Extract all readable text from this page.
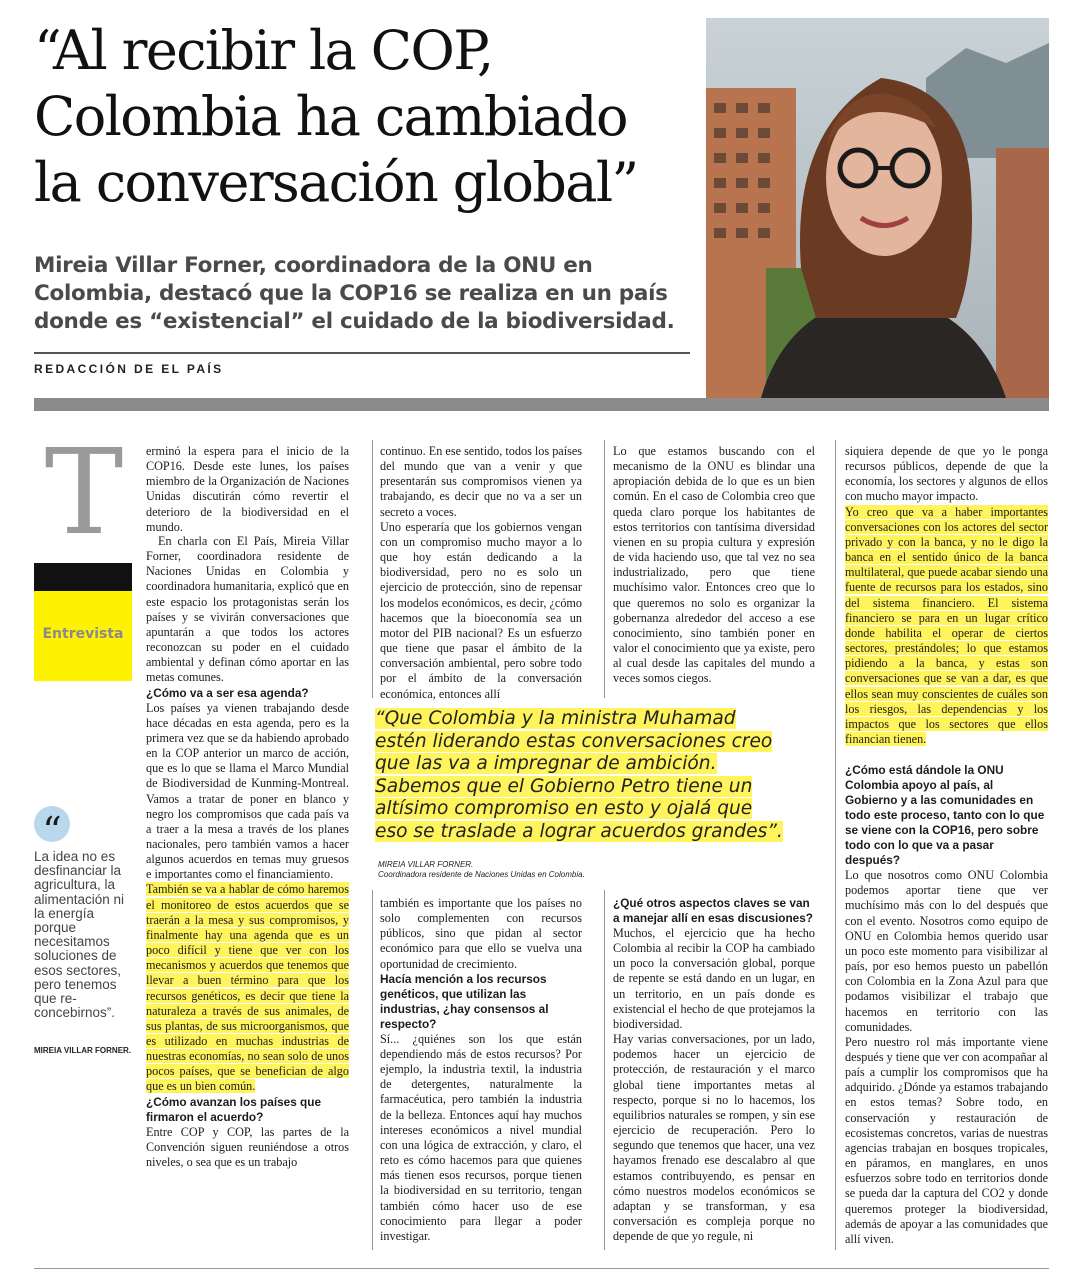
“Al recibir la COP,
Colombia ha cambiado
la conversación global”
Mireia Villar Forner, coordinadora de la ONU en
Colombia, destacó que la COP16 se realiza en un país
donde es “existencial” el cuidado de la biodiversidad.
REDACCIÓN DE EL PAÍS
T
Entrevista
“
La idea no es desfinanciar la agricultura, la alimentación ni la energía porque necesitamos soluciones de esos sectores, pero tenemos que re-concebirnos”.
MIREIA VILLAR FORNER.

erminó la espera para el inicio de la COP16. Desde este lunes, los países miembro de la Organización de Naciones Unidas discutirán cómo revertir el deterioro de la biodiversidad en el mundo.

En charla con El País, Mireia Villar Forner, coordinadora residente de Naciones Unidas en Colombia y coordinadora humanitaria, explicó que en este espacio los protagonistas serán los países y se vivirán conversaciones que apuntarán a que todos los actores reconozcan su poder en el cuidado ambiental y definan cómo aportar en las metas comunes.

¿Cómo va a ser esa agenda?

Los países ya vienen trabajando desde hace décadas en esta agenda, pero es la primera vez que se da habiendo aprobado en la COP anterior un marco de acción, que es lo que se llama el Marco Mundial de Biodiversidad de Kunming-Montreal. Vamos a tratar de poner en blanco y negro los compromisos que cada país va a traer a la mesa a través de los planes nacionales, pero también vamos a hacer algunos acuerdos en temas muy gruesos e importantes como el financiamiento.

También se va a hablar de cómo haremos el monitoreo de estos acuerdos que se traerán a la mesa y sus compromisos, y finalmente hay una agenda que es un poco difícil y tiene que ver con los mecanismos y acuerdos que tenemos que llevar a buen término para que los recursos genéticos, es decir que tiene la naturaleza a través de sus animales, de sus plantas, de sus microorganismos, que es utilizado en muchas industrias de nuestras economías, no sean solo de unos pocos países, que se benefician de algo que es un bien común.

¿Cómo avanzan los países que firmaron el acuerdo?

Entre COP y COP, las partes de la Convención siguen reuniéndose a otros niveles, o sea que es un trabajo

continuo. En ese sentido, todos los países del mundo que van a venir y que presentarán sus compromisos vienen ya trabajando, es decir que no va a ser un secreto a voces.

Uno esperaría que los gobiernos vengan con un compromiso mucho mayor a lo que hoy están dedicando a la biodiversidad, pero no es solo un ejercicio de protección, sino de repensar los modelos económicos, es decir, ¿cómo hacemos que la bioeconomía sea un motor del PIB nacional? Es un esfuerzo que tiene que pasar el ámbito de la conversación ambiental, pero sobre todo por el ámbito de la conversación económica, entonces allí

Lo que estamos buscando con el mecanismo de la ONU es blindar una apropiación debida de lo que es un bien común. En el caso de Colombia creo que queda claro porque los habitantes de estos territorios con tantísima diversidad vienen en su propia cultura y expresión de vida haciendo uso, que tal vez no sea industrializado, pero que tiene muchísimo valor. Entonces creo que lo que queremos no solo es organizar la gobernanza alrededor del acceso a ese conocimiento, sino también poner en valor el conocimiento que ya existe, pero al cual desde las capitales del mundo a veces somos ciegos.

“Que Colombia y la ministra Muhamad
estén liderando estas conversaciones creo
que las va a impregnar de ambición.
Sabemos que el Gobierno Petro tiene un
altísimo compromiso en esto y ojalá que
eso se traslade a lograr acuerdos grandes”.
MIREIA VILLAR FORNER.
Coordinadora residente de Naciones Unidas en Colombia.

también es importante que los países no solo complementen con recursos públicos, sino que pidan al sector económico para que ello se vuelva una oportunidad de crecimiento.

Hacía mención a los recursos genéticos, que utilizan las industrias, ¿hay consensos al respecto?

Sí... ¿quiénes son los que están dependiendo más de estos recursos? Por ejemplo, la industria textil, la industria de detergentes, naturalmente la farmacéutica, pero también la industria de la belleza. Entonces aquí hay muchos intereses económicos a nivel mundial con una lógica de extracción, y claro, el reto es cómo hacemos para que quienes más tienen esos recursos, porque tienen la biodiversidad en su territorio, tengan también cómo hacer uso de ese conocimiento para llegar a poder investigar.

¿Qué otros aspectos claves se van a manejar allí en esas discusiones?

Muchos, el ejercicio que ha hecho Colombia al recibir la COP ha cambiado un poco la conversación global, porque de repente se está dando en un lugar, en un territorio, en un país donde es existencial el hecho de que protejamos la biodiversidad.

Hay varias conversaciones, por un lado, podemos hacer un ejercicio de protección, de restauración y el marco global tiene importantes metas al respecto, porque si no lo hacemos, los equilibrios naturales se rompen, y sin ese ejercicio de recuperación. Pero lo segundo que tenemos que hacer, una vez hayamos frenado ese descalabro al que estamos contribuyendo, es pensar en cómo nuestros modelos económicos se adaptan y se transforman, y esa conversación es compleja porque no depende de que yo regule, ni

siquiera depende de que yo le ponga recursos públicos, depende de que la economía, los sectores y algunos de ellos con mucho mayor impacto.

Yo creo que va a haber importantes conversaciones con los actores del sector privado y con la banca, y no le digo la banca en el sentido único de la banca multilateral, que puede acabar siendo una fuente de recursos para los estados, sino del sistema financiero. El sistema financiero se para en un lugar crítico donde habilita el operar de ciertos sectores, prestándoles; lo que estamos pidiendo a la banca, y estas son conversaciones que se van a dar, es que ellos sean muy conscientes de cuáles son los riesgos, las dependencias y los impactos que los sectores que ellos financian tienen.

¿Cómo está dándole la ONU Colombia apoyo al país, al Gobierno y a las comunidades en todo este proceso, tanto con lo que se viene con la COP16, pero sobre todo con lo que va a pasar después?

Lo que nosotros como ONU Colombia podemos aportar tiene que ver muchísimo más con lo del después que con el evento. Nosotros como equipo de ONU en Colombia hemos querido usar un poco este momento para visibilizar al país, por eso hemos puesto un pabellón con Colombia en la Zona Azul para que podamos visibilizar el trabajo que hacemos en territorio con las comunidades.

Pero nuestro rol más importante viene después y tiene que ver con acompañar al país a cumplir los compromisos que ha adquirido. ¿Dónde ya estamos trabajando en estos temas? Sobre todo, en conservación y restauración de ecosistemas concretos, varias de nuestras agencias trabajan en bosques tropicales, en páramos, en manglares, en unos esfuerzos sobre todo en territorios donde se pueda dar la captura del CO2 y donde queremos proteger la biodiversidad, además de apoyar a las comunidades que allí viven.
